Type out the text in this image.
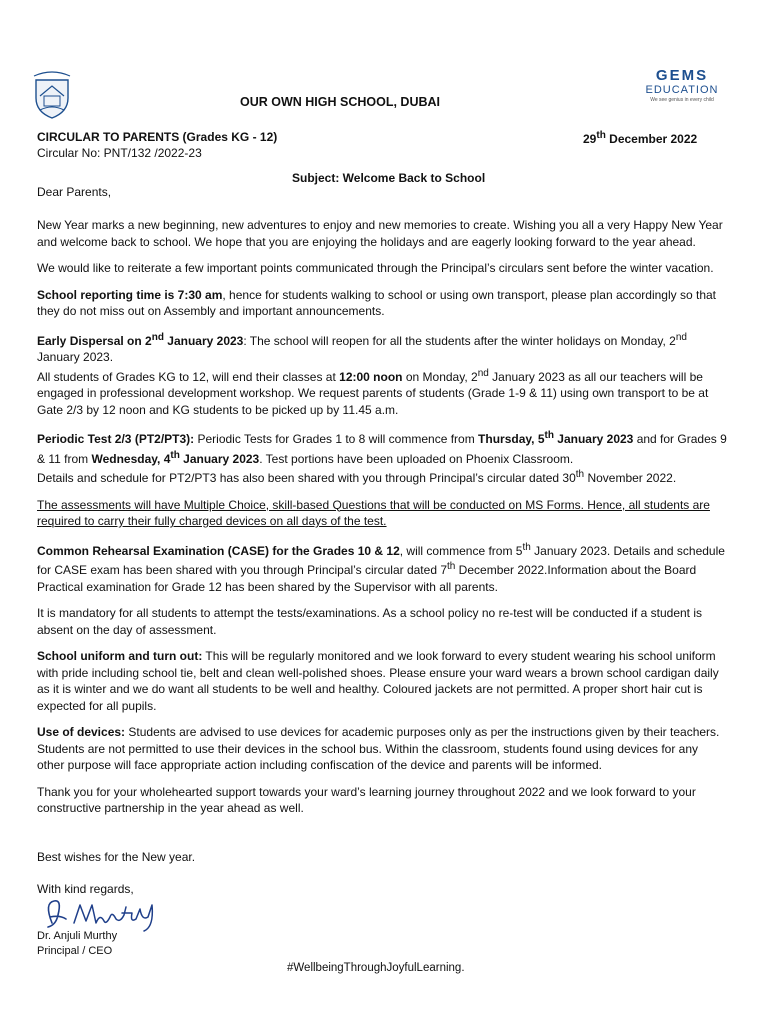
GEMS
EDUCATION
We see genius in every child
OUR OWN HIGH SCHOOL, DUBAI
CIRCULAR TO PARENTS (Grades KG - 12)
Circular No: PNT/132 /2022-23
29th December 2022
Subject: Welcome Back to School
Dear Parents,

New Year marks a new beginning, new adventures to enjoy and new memories to create. Wishing you all a very Happy New Year and welcome back to school. We hope that you are enjoying the holidays and are eagerly looking forward to the year ahead.

We would like to reiterate a few important points communicated through the Principal’s circulars sent before the winter vacation.

School reporting time is 7:30 am, hence for students walking to school or using own transport, please plan accordingly so that they do not miss out on Assembly and important announcements.

Early Dispersal on 2nd January 2023: The school will reopen for all the students after the winter holidays on Monday, 2nd January 2023.

All students of Grades KG to 12, will end their classes at 12:00 noon on Monday, 2nd January 2023 as all our teachers will be engaged in professional development workshop. We request parents of students (Grade 1-9 & 11) using own transport to be at Gate 2/3 by 12 noon and KG students to be picked up by 11.45 a.m.

Periodic Test 2/3 (PT2/PT3): Periodic Tests for Grades 1 to 8 will commence from Thursday, 5th January 2023 and for Grades 9 & 11 from Wednesday, 4th January 2023. Test portions have been uploaded on Phoenix Classroom.
Details and schedule for PT2/PT3 has also been shared with you through Principal’s circular dated 30th November 2022.

The assessments will have Multiple Choice, skill-based Questions that will be conducted on MS Forms. Hence, all students are required to carry their fully charged devices on all days of the test.

Common Rehearsal Examination (CASE) for the Grades 10 & 12, will commence from 5th January 2023. Details and schedule for CASE exam has been shared with you through Principal’s circular dated 7th December 2022.Information about the Board Practical examination for Grade 12 has been shared by the Supervisor with all parents.

It is mandatory for all students to attempt the tests/examinations. As a school policy no re-test will be conducted if a student is absent on the day of assessment.

School uniform and turn out: This will be regularly monitored and we look forward to every student wearing his school uniform with pride including school tie, belt and clean well-polished shoes. Please ensure your ward wears a brown school cardigan daily as it is winter and we do want all students to be well and healthy. Coloured jackets are not permitted. A proper short hair cut is expected for all pupils.

Use of devices: Students are advised to use devices for academic purposes only as per the instructions given by their teachers. Students are not permitted to use their devices in the school bus. Within the classroom, students found using devices for any other purpose will face appropriate action including confiscation of the device and parents will be informed.

Thank you for your wholehearted support towards your ward’s learning journey throughout 2022 and we look forward to your constructive partnership in the year ahead as well.

Best wishes for the New year.
With kind regards,
Dr. Anjuli Murthy
Principal / CEO
#WellbeingThroughJoyfulLearning.
